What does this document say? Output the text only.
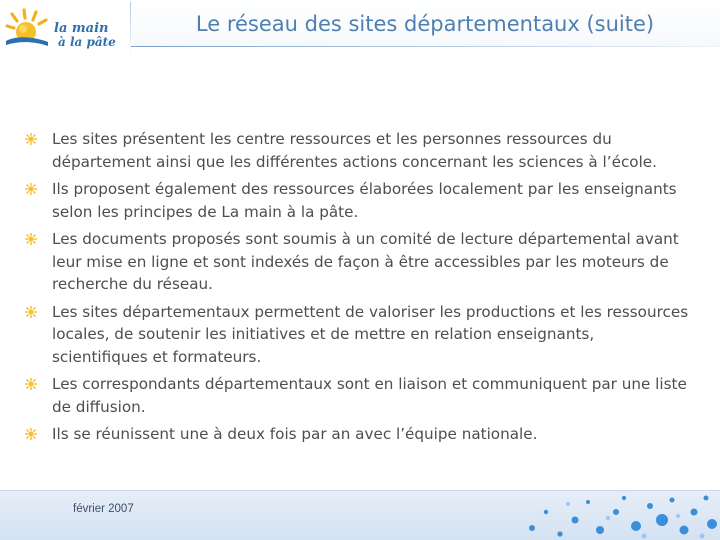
la main
à la pâte
Le réseau des sites départementaux (suite)
Les sites présentent les centre ressources et les personnes ressources du département ainsi que les différentes actions concernant les sciences à l’école.
Ils proposent également des ressources élaborées localement par les enseignants selon les principes de La main à la pâte.
Les documents proposés sont soumis à un comité de lecture départemental avant leur mise en ligne et sont indexés de façon à être accessibles par les moteurs de recherche du réseau.
Les sites départementaux permettent de valoriser les productions et les ressources locales, de soutenir les initiatives et de mettre en relation enseignants, scientifiques et formateurs.
Les correspondants départementaux sont en liaison et communiquent par une liste de diffusion.
Ils se réunissent une à deux fois par an avec l’équipe nationale.
février 2007
